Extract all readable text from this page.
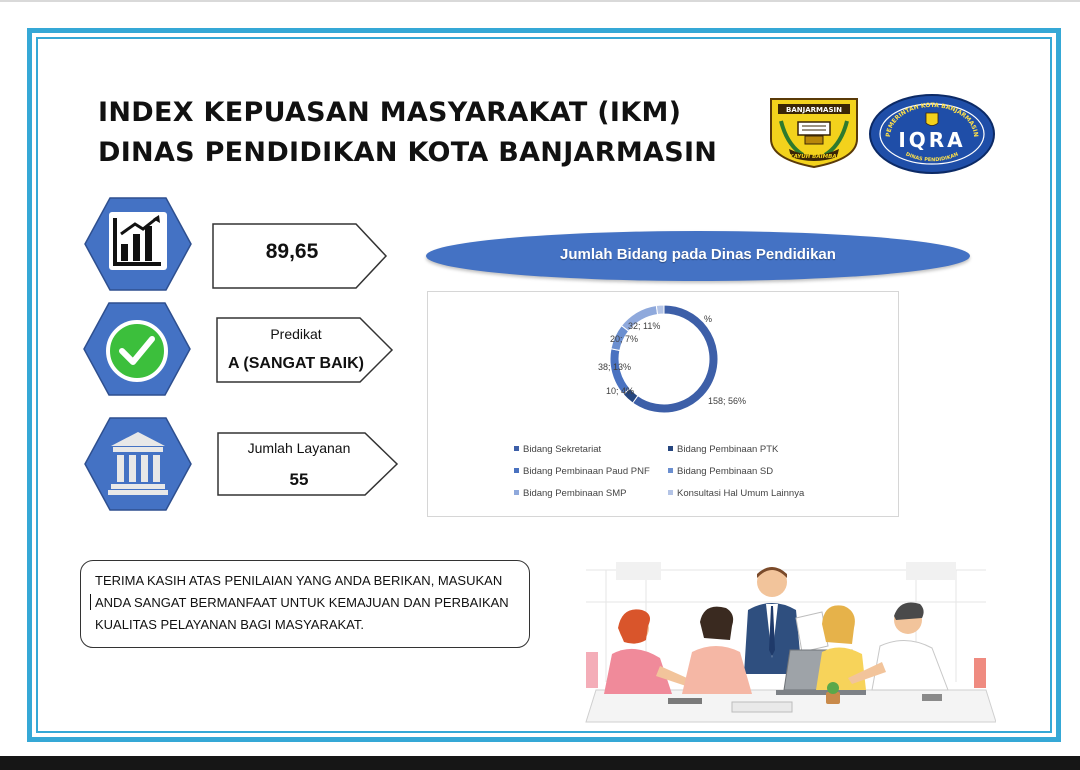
INDEX KEPUASAN MASYARAKAT (IKM)
DINAS PENDIDIKAN KOTA BANJARMASIN
BANJARMASIN
KAYUH BAIMBAI
PEMERINTAH KOTA BANJARMASIN
IQRA
DINAS PENDIDIKAN
89,65
Predikat
A (SANGAT BAIK)
Jumlah Layanan
55
Jumlah Bidang pada Dinas Pendidikan
158; 56%
10; 4%
38; 13%
20; 7%
32; 11%
%
Bidang Sekretariat	Bidang Pembinaan PTK
Bidang Pembinaan Paud PNF	Bidang Pembinaan SD
Bidang Pembinaan SMP	Konsultasi Hal Umum Lainnya

TERIMA KASIH ATAS PENILAIAN YANG ANDA BERIKAN, MASUKAN
ANDA SANGAT BERMANFAAT UNTUK KEMAJUAN DAN PERBAIKAN
KUALITAS PELAYANAN BAGI MASYARAKAT.
